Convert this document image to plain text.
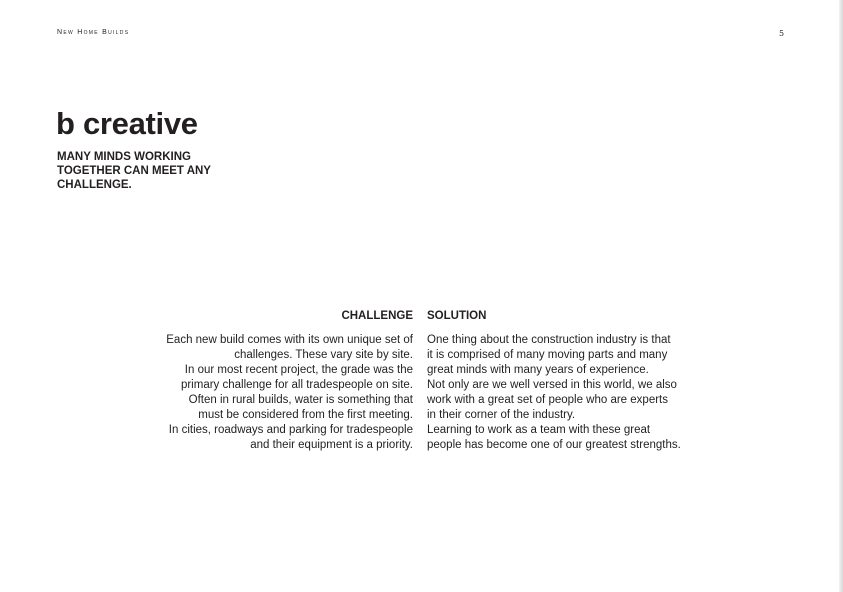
New Home Builds	5
b creative
MANY MINDS WORKING
TOGETHER CAN MEET ANY
CHALLENGE.
CHALLENGE
Each new build comes with its own unique set of
challenges. These vary site by site.
In our most recent project, the grade was the
primary challenge for all tradespeople on site.
Often in rural builds, water is something that
must be considered from the first meeting.
In cities, roadways and parking for tradespeople
and their equipment is a priority.
SOLUTION
One thing about the construction industry is that
it is comprised of many moving parts and many
great minds with many years of experience.
Not only are we well versed in this world, we also
work with a great set of people who are experts
in their corner of the industry.
Learning to work as a team with these great
people has become one of our greatest strengths.
